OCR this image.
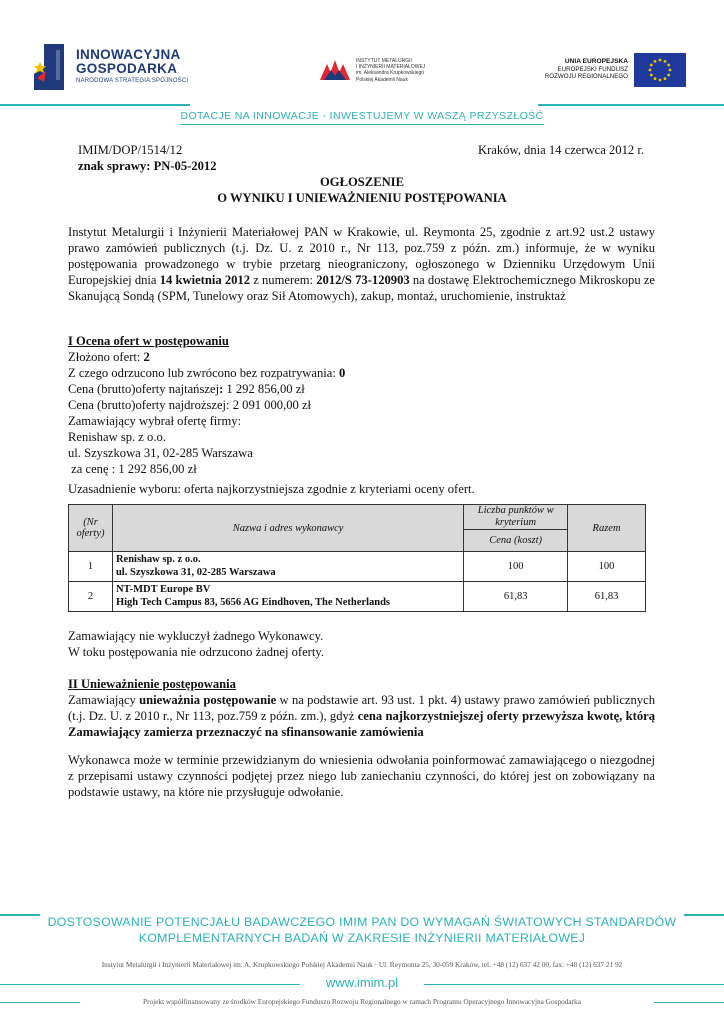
INNOWACYJNA
GOSPODARKA
NARODOWA STRATEGIA SPÓJNOŚCI
INSTYTUT METALURGII
I INŻYNIERII MATERIAŁOWEJ
im. Aleksandra Krupkowskiego
Polskiej Akademii Nauk
UNIA EUROPEJSKA
EUROPEJSKI FUNDUSZ
ROZWOJU REGIONALNEGO
DOTACJE NA INNOWACJE - INWESTUJEMY W WASZĄ PRZYSZŁOŚĆ
IMIM/DOP/1514/12
znak sprawy: PN-05-2012
Kraków, dnia 14 czerwca 2012 r.
OGŁOSZENIE
O WYNIKU I UNIEWAŻNIENIU POSTĘPOWANIA
Instytut Metalurgii i Inżynierii Materiałowej PAN w Krakowie, ul. Reymonta 25, zgodnie z art.92 ust.2 ustawy prawo zamówień publicznych (t.j. Dz. U. z 2010 r., Nr 113, poz.759 z późn. zm.) informuje, że w wyniku postępowania prowadzonego w trybie przetarg nieograniczony, ogłoszonego w Dzienniku Urzędowym Unii Europejskiej dnia 14 kwietnia 2012 z numerem: 2012/S 73-120903 na dostawę Elektrochemicznego Mikroskopu ze Skanującą Sondą (SPM, Tunelowy oraz Sił Atomowych), zakup, montaż, uruchomienie, instruktaż
I Ocena ofert w postępowaniu
Złożono ofert: 2
Z czego odrzucono lub zwrócono bez rozpatrywania: 0
Cena (brutto)oferty najtańszej: 1 292 856,00 zł
Cena (brutto)oferty najdroższej: 2 091 000,00 zł
Zamawiający wybrał ofertę firmy:
Renishaw sp. z o.o.
ul. Szyszkowa 31, 02-285 Warszawa
za cenę : 1 292 856,00 zł
Uzasadnienie wyboru: oferta najkorzystniejsza zgodnie z kryteriami oceny ofert.
(Nr oferty)	Nazwa i adres wykonawcy	Liczba punktów w kryterium	Razem
		Cena (koszt)	
1	Renishaw sp. z o.o.
ul. Szyszkowa 31, 02-285 Warszawa	100	100
2	NT-MDT Europe BV
High Tech Campus 83, 5656 AG Eindhoven, The Netherlands	61,83	61,83
Zamawiający nie wykluczył żadnego Wykonawcy.
W toku postępowania nie odrzucono żadnej oferty.
II Unieważnienie postępowania
Zamawiający unieważnia postępowanie w na podstawie art. 93 ust. 1 pkt. 4) ustawy prawo zamówień publicznych (t.j. Dz. U. z 2010 r., Nr 113, poz.759 z późn. zm.), gdyż cena najkorzystniejszej oferty przewyższa kwotę, którą Zamawiający zamierza przeznaczyć na sfinansowanie zamówienia
Wykonawca może w terminie przewidzianym do wniesienia odwołania poinformować zamawiającego o niezgodnej z przepisami ustawy czynności podjętej przez niego lub zaniechaniu czynności, do której jest on zobowiązany na podstawie ustawy, na które nie przysługuje odwołanie.
DOSTOSOWANIE POTENCJAŁU BADAWCZEGO IMIM PAN DO WYMAGAŃ ŚWIATOWYCH STANDARDÓW
KOMPLEMENTARNYCH BADAŃ W ZAKRESIE INŻYNIERII MATERIAŁOWEJ
Instytut Metalurgii i Inżynierii Materiałowej im. A. Krupkowskiego Polskiej Akademii Nauk · Ul. Reymonta 25, 30-059 Kraków, tel. +48 (12) 637 42 00, fax: +48 (12) 637 21 92
www.imim.pl
Projekt współfinansowany ze środków Europejskiego Funduszu Rozwoju Regionalnego w ramach Programu Operacyjnego Innowacyjna Gospodarka
